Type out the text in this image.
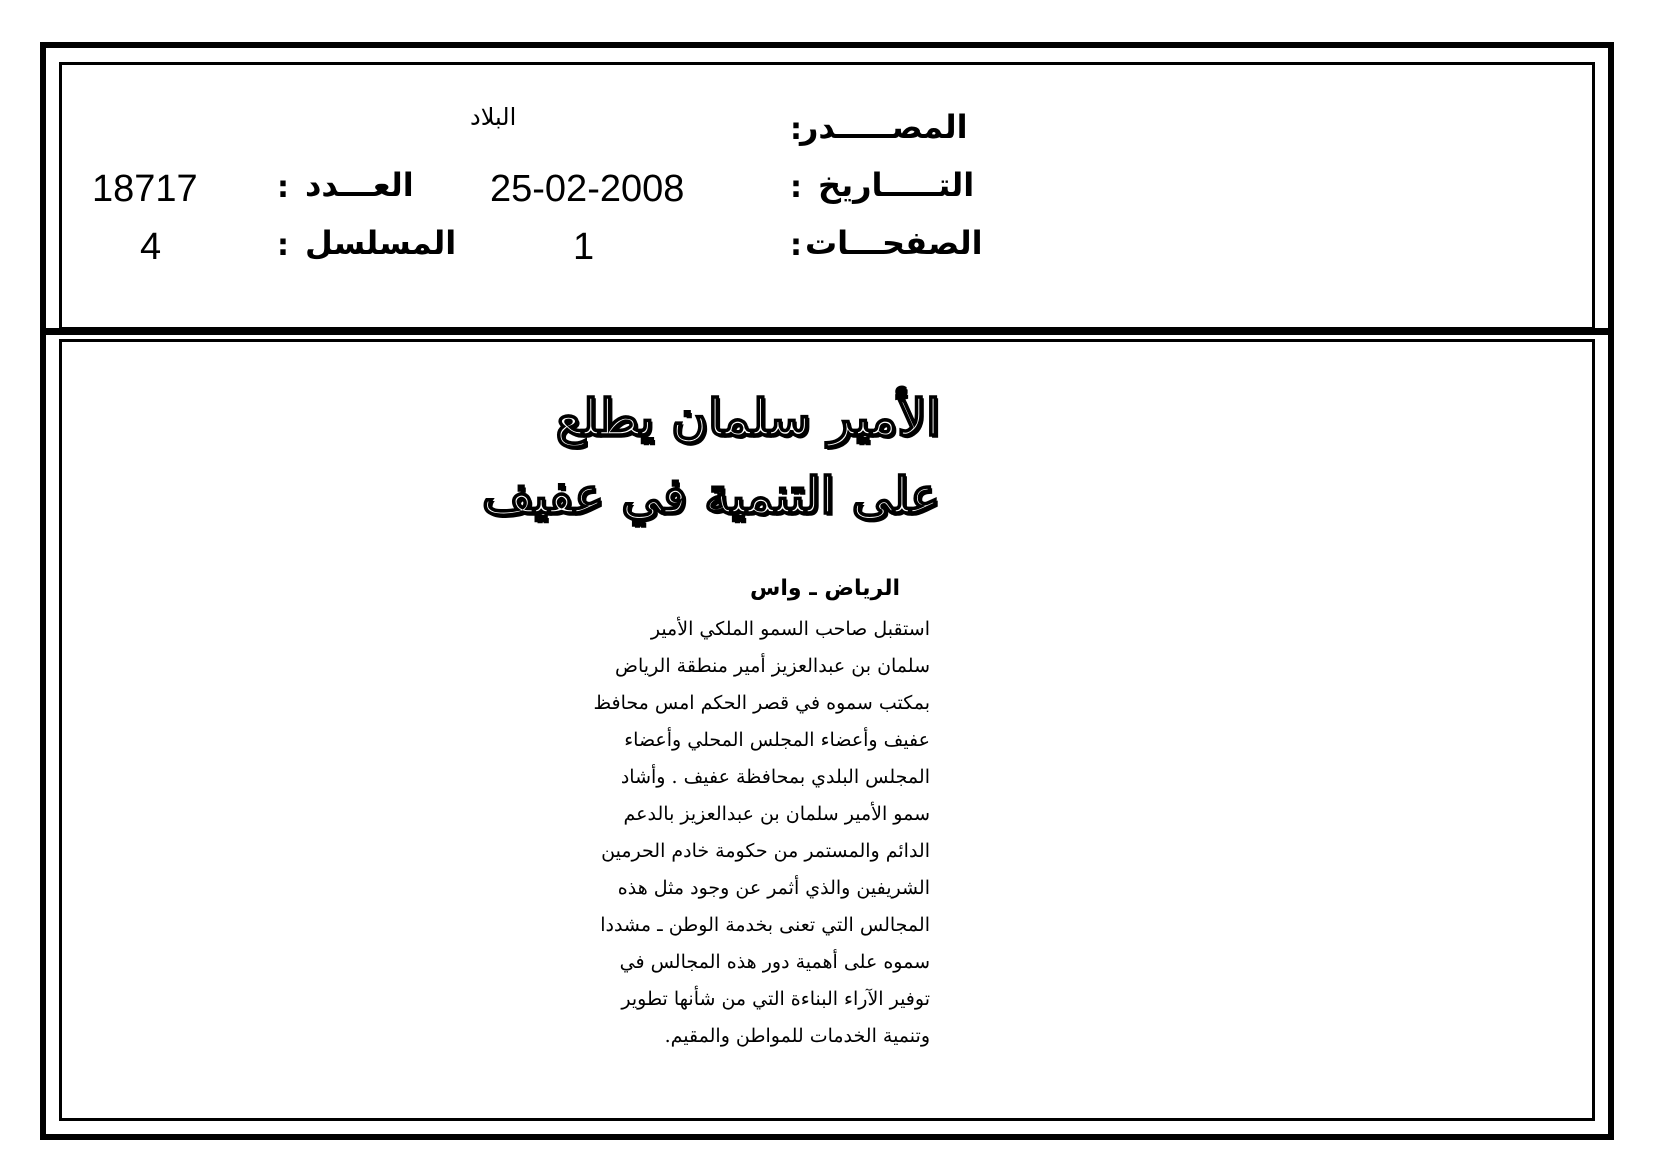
المصـــــدر
:
البلاد
التـــــاريخ
:
25-02-2008
العـــدد
:
18717
الصفحـــات
:
1
المسلسل
:
4
الأمير سلمان يطلع
على التنمية في عفيف
الرياض ـ واس
استقبل صاحب السمو الملكي الأمير
سلمان بن عبدالعزيز أمير منطقة الرياض
بمكتب سموه في قصر الحكم امس محافظ
عفيف وأعضاء المجلس المحلي وأعضاء
المجلس البلدي بمحافظة عفيف . وأشاد
سمو الأمير سلمان بن عبدالعزيز بالدعم
الدائم والمستمر من حكومة خادم الحرمين
الشريفين والذي أثمر عن وجود مثل هذه
المجالس التي تعنى بخدمة الوطن ـ مشددا
سموه على أهمية دور هذه المجالس في
توفير الآراء البناءة التي من شأنها تطوير
وتنمية الخدمات للمواطن والمقيم.
